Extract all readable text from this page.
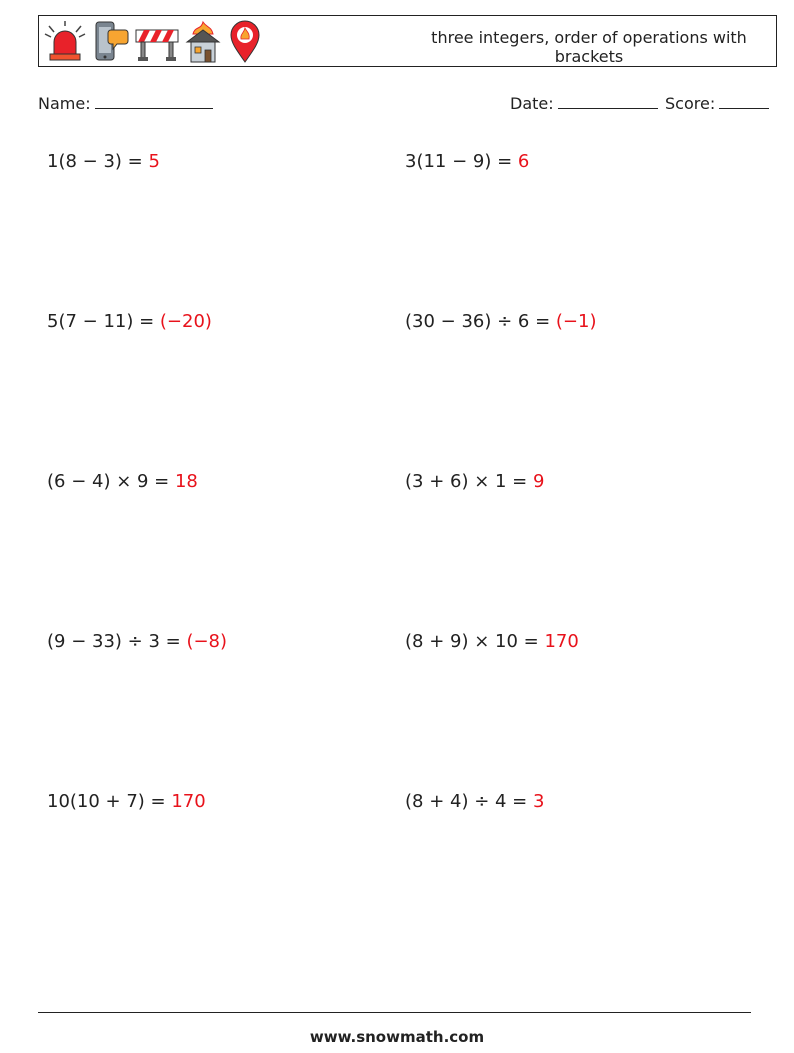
three integers, order of operations with brackets
Name:	Date:	Score:
1(8 − 3) = 5	3(11 − 9) = 6
5(7 − 11) = (−20)	(30 − 36) ÷ 6 = (−1)
(6 − 4) × 9 = 18	(3 + 6) × 1 = 9
(9 − 33) ÷ 3 = (−8)	(8 + 9) × 10 = 170
10(10 + 7) = 170	(8 + 4) ÷ 4 = 3
www.snowmath.com
